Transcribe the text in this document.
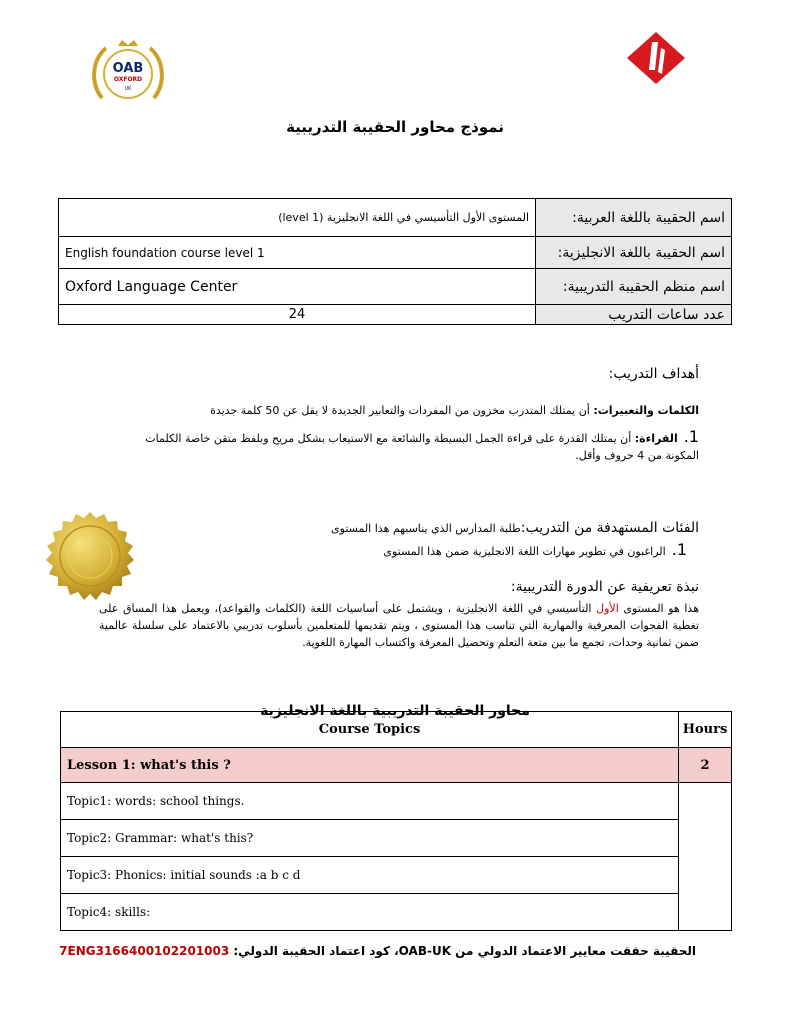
OAB
OXFORD
UK
نموذج محاور الحقيبة التدريبية
المستوى الأول التأسيسي في اللغة الانجليزية (level 1)	اسم الحقيبة باللغة العربية:
English foundation course level 1	اسم الحقيبة باللغة الانجليزية:
Oxford Language Center	اسم منظم الحقيبة التدريبية:
24	عدد ساعات التدريب
أهداف التدريب:
الكلمات والتعبيرات: أن يمتلك المتدرب مخزون من المفردات والتعابير الجديدة لا يقل عن 50 كلمة جديدة
1.القراءة: أن يمتلك القدرة على قراءة الجمل البسيطة والشائعة مع الاستيعاب بشكل مريح وبلفظ متقن خاصة الكلمات المكونة من 4 حروف وأقل.
الفئات المستهدفة من التدريب:طلبة المدارس الذي يناسبهم هذا المستوى
1.الراغبون في تطوير مهارات اللغة الانجليزية ضمن هذا المستوى
نبذة تعريفية عن الدورة التدريبية:
هذا هو المستوى الأول التأسيسي في اللغة الانجليزية ، ويشتمل على أساسيات اللغة (الكلمات والقواعد)، ويعمل هذا المساق على تغطية الفجوات المعرفية والمهارية التي تناسب هذا المستوى ، ويتم تقديمها للمتعلمين بأسلوب تدريبي بالاعتماد على سلسلة عالمية ضمن ثمانية وحدات، تجمع ما بين متعة التعلم وتحصيل المعرفة واكتساب المهارة اللغوية.
محاور الحقيبة التدريبية باللغة الانجليزية
Course Topics	Hours
Lesson 1: what's this ?	2
Topic1: words: school things.	
Topic2: Grammar: what's this?	
Topic3: Phonics: initial sounds :a b c d	
Topic4: skills:	
الحقيبة حققت معايير الاعتماد الدولي من OAB-UK، كود اعتماد الحقيبة الدولي: 3166400102201003‏7ENG
